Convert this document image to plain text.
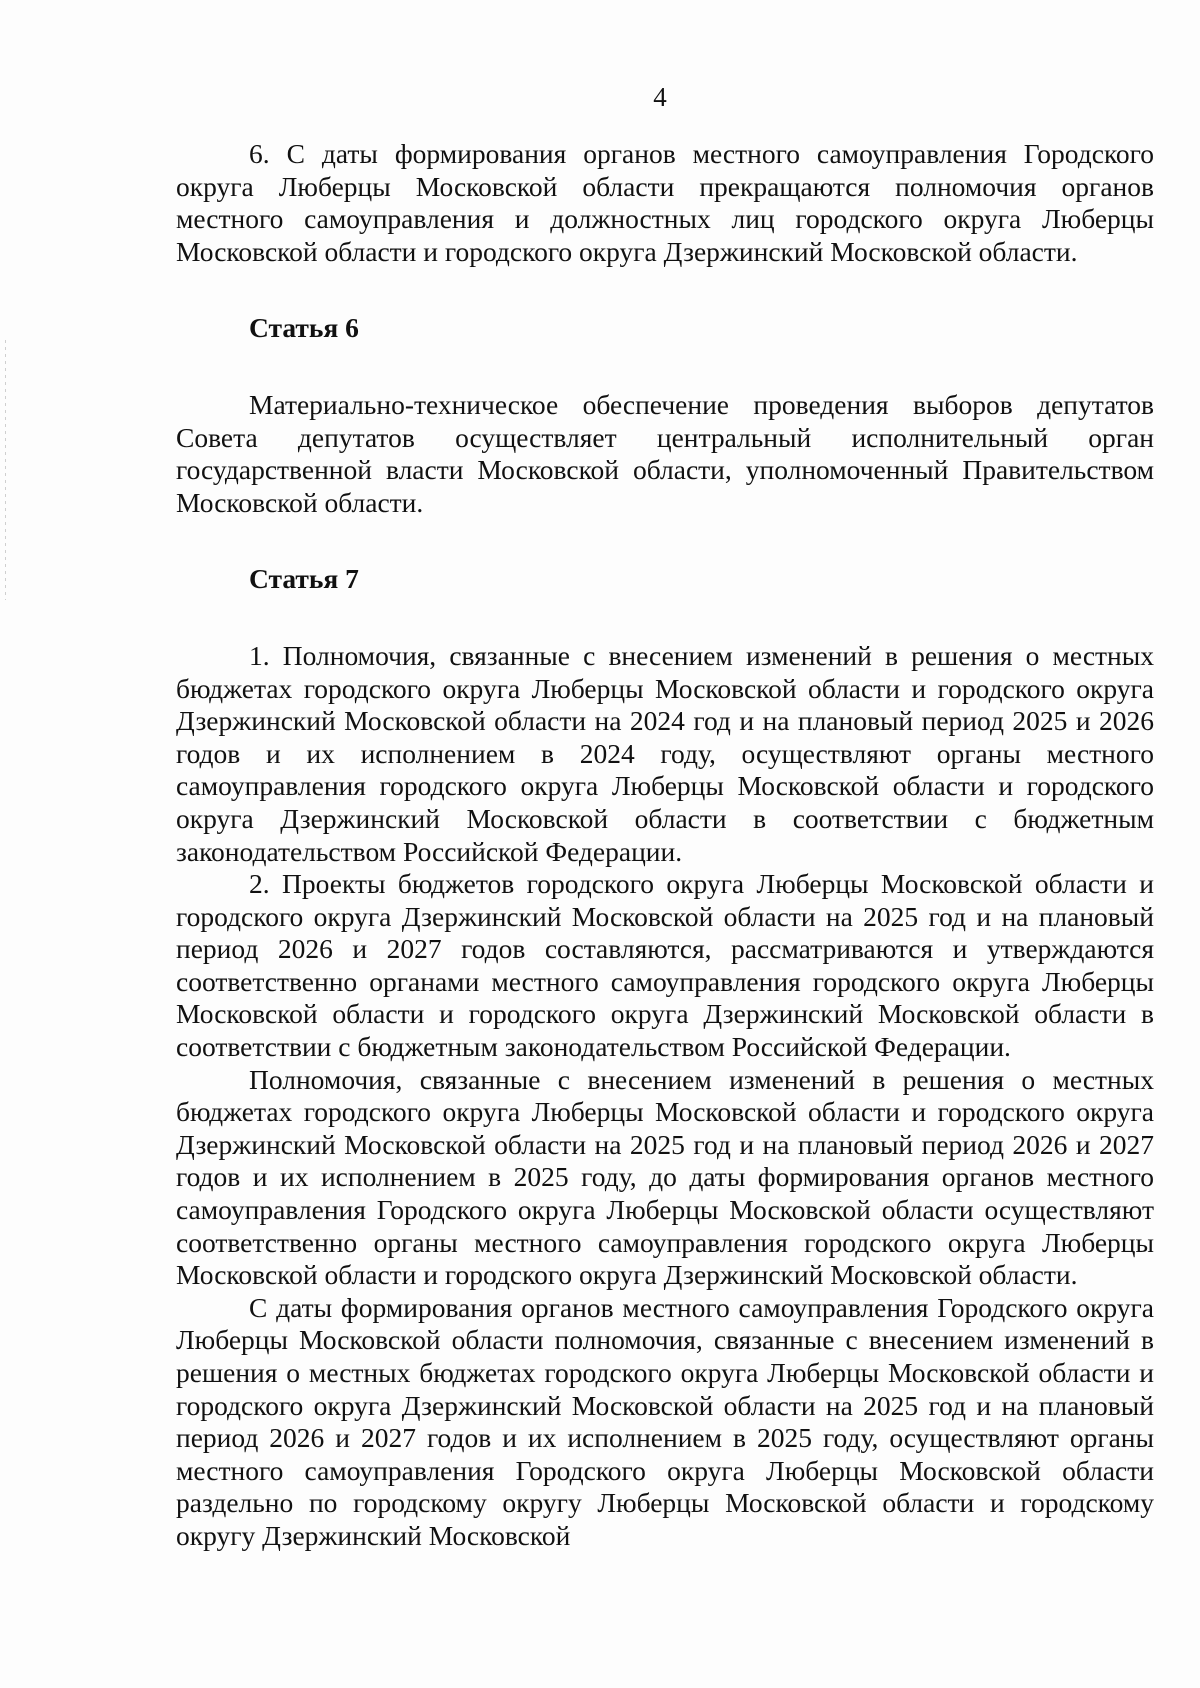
4

6. С даты формирования органов местного самоуправления Городского округа Люберцы Московской области прекращаются полномочия органов местного самоуправления и должностных лиц городского округа Люберцы Московской области и городского округа Дзержинский Московской области.

Статья 6

Материально-техническое обеспечение проведения выборов депутатов Совета депутатов осуществляет центральный исполнительный орган государственной власти Московской области, уполномоченный Правительством Московской области.

Статья 7

1. Полномочия, связанные с внесением изменений в решения о местных бюджетах городского округа Люберцы Московской области и городского округа Дзержинский Московской области на 2024 год и на плановый период 2025 и 2026 годов и их исполнением в 2024 году, осуществляют органы местного самоуправления городского округа Люберцы Московской области и городского округа Дзержинский Московской области в соответствии с бюджетным законодательством Российской Федерации.

2. Проекты бюджетов городского округа Люберцы Московской области и городского округа Дзержинский Московской области на 2025 год и на плановый период 2026 и 2027 годов составляются, рассматриваются и утверждаются соответственно органами местного самоуправления городского округа Люберцы Московской области и городского округа Дзержинский Московской области в соответствии с бюджетным законодательством Российской Федерации.

Полномочия, связанные с внесением изменений в решения о местных бюджетах городского округа Люберцы Московской области и городского округа Дзержинский Московской области на 2025 год и на плановый период 2026 и 2027 годов и их исполнением в 2025 году, до даты формирования органов местного самоуправления Городского округа Люберцы Московской области осуществляют соответственно органы местного самоуправления городского округа Люберцы Московской области и городского округа Дзержинский Московской области.

С даты формирования органов местного самоуправления Городского округа Люберцы Московской области полномочия, связанные с внесением изменений в решения о местных бюджетах городского округа Люберцы Московской области и городского округа Дзержинский Московской области на 2025 год и на плановый период 2026 и 2027 годов и их исполнением в 2025 году, осуществляют органы местного самоуправления Городского округа Люберцы Московской области раздельно по городскому округу Люберцы Московской области и городскому округу Дзержинский Московской
